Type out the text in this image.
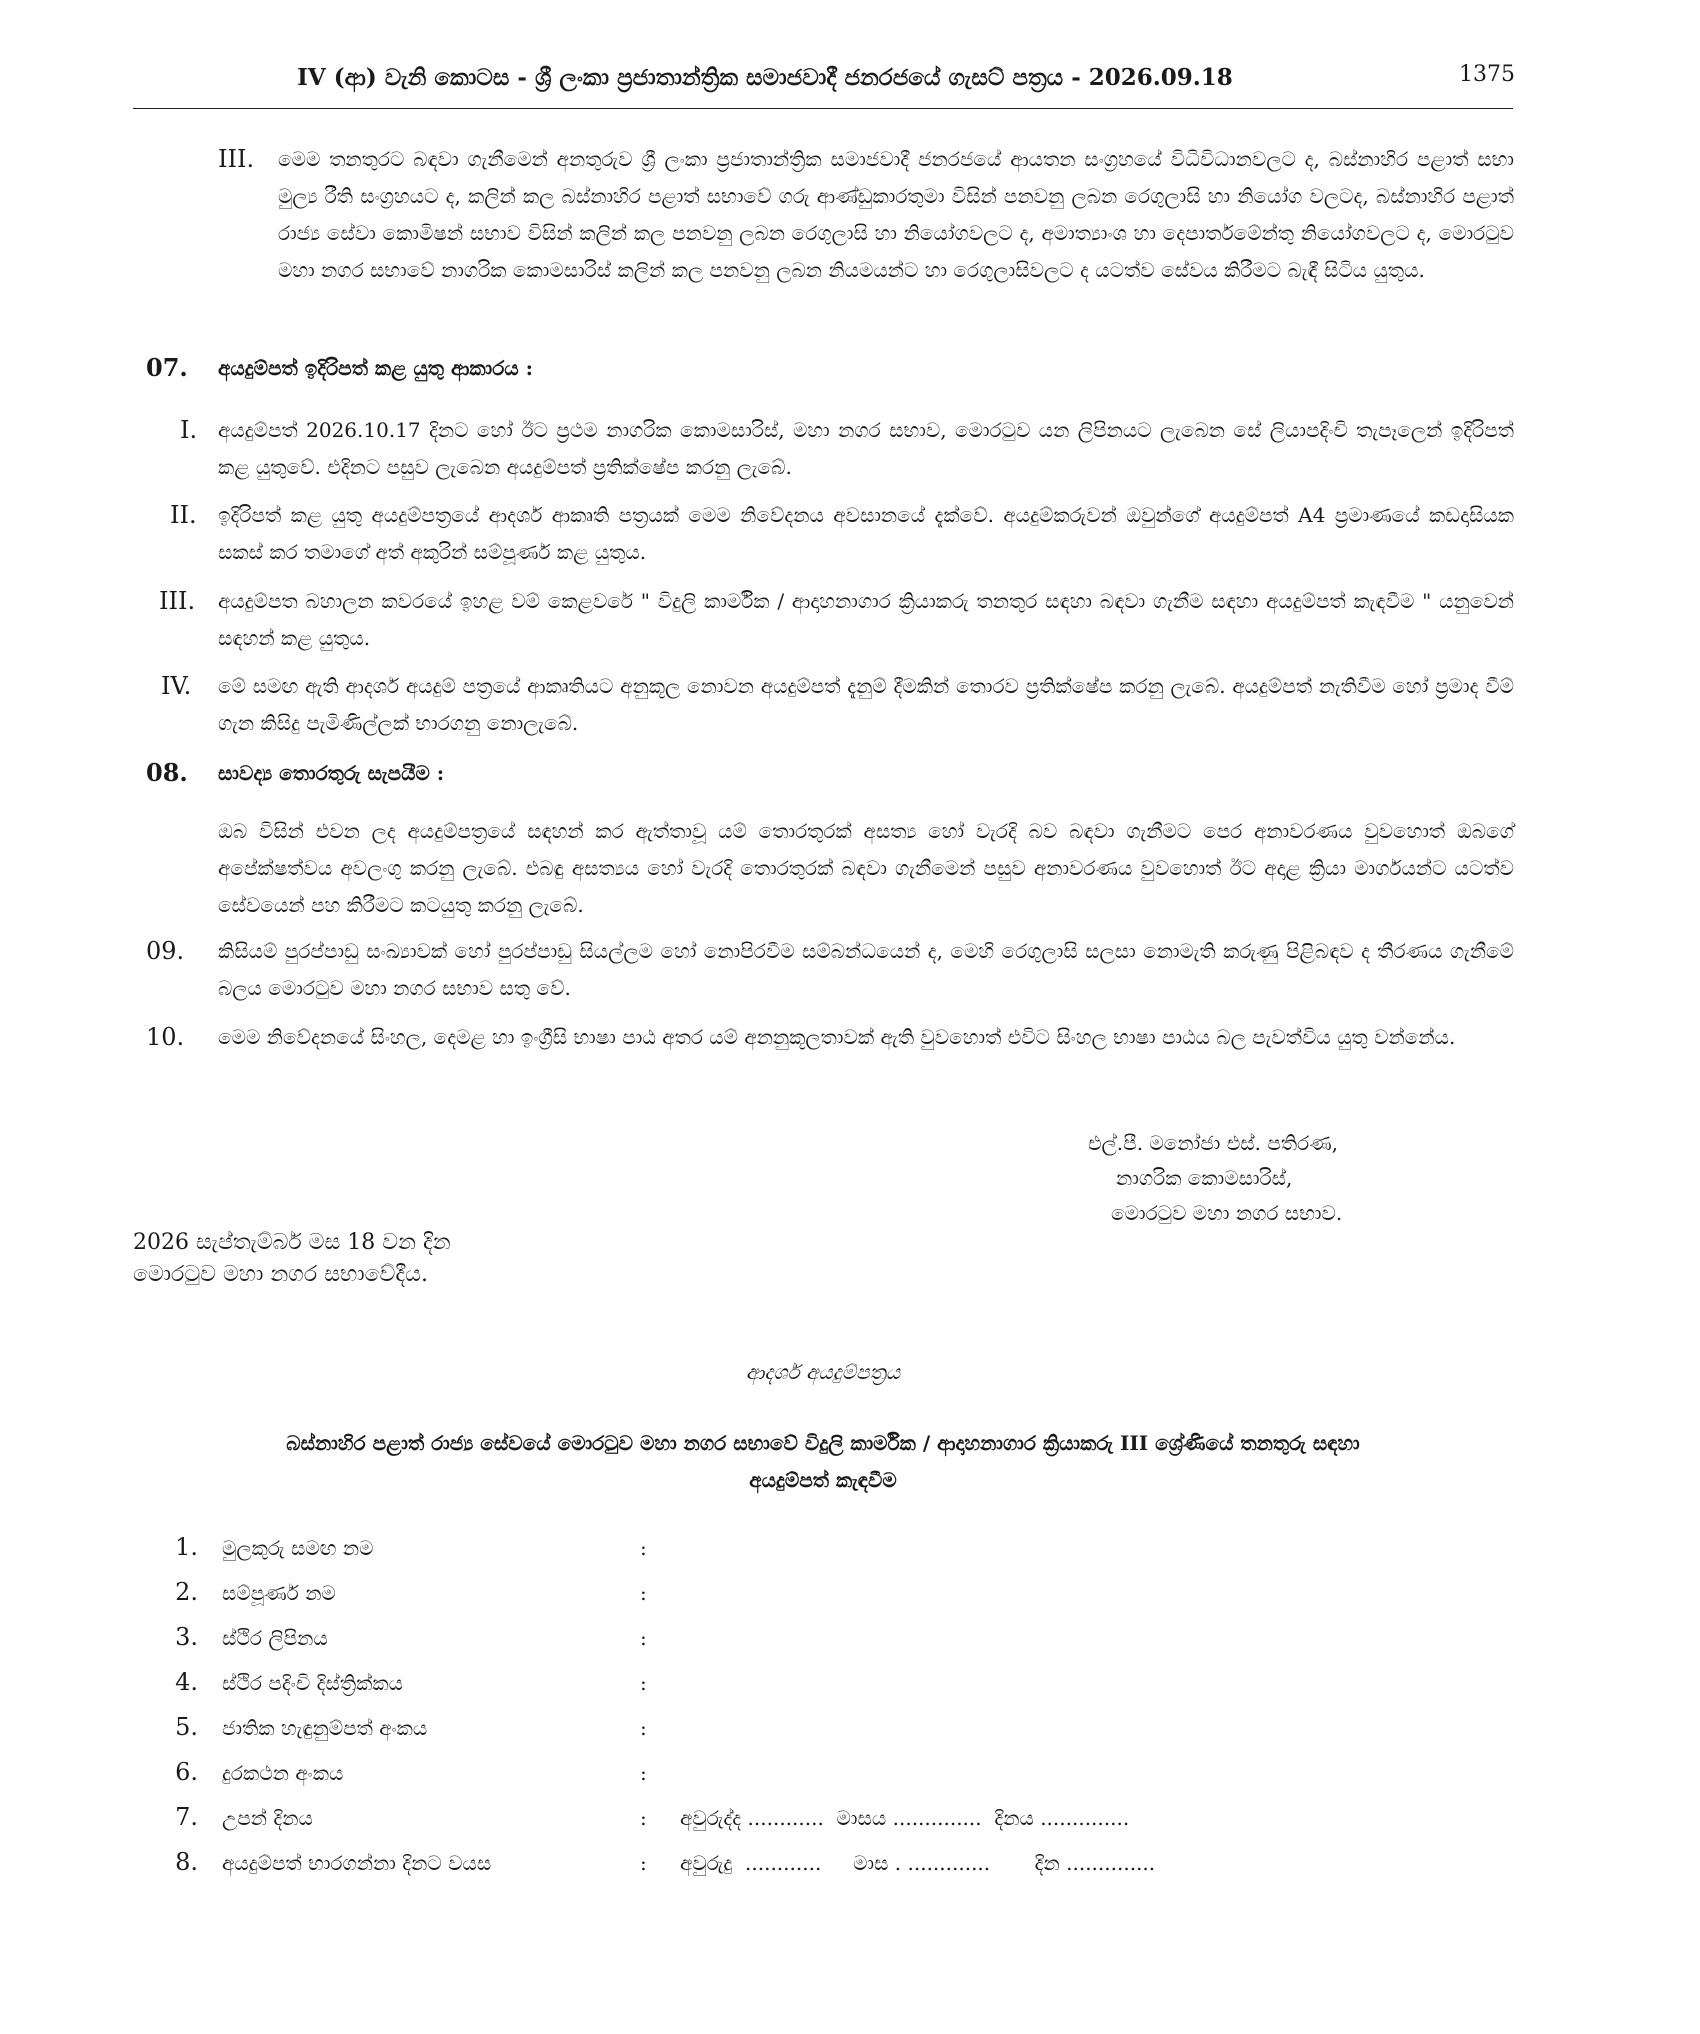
IV (ආ) වැනි කොටස - ශ්‍රී ලංකා ප්‍රජාතාන්ත්‍රික සමාජවාදී ජනරජයේ ගැසට් පත්‍රය - 2026.09.18	1375
III. මෙම තනතුරට බඳවා ගැනීමෙන් අනතුරුව ශ්‍රී ලංකා ප්‍රජාතාන්ත්‍රික සමාජවාදී ජනරජයේ ආයතන සංග්‍රහයේ විධිවිධානවලට ද, බස්නාහිර පළාත් සභා මුල්‍ය රීති සංග්‍රහයට ද, කලින් කල බස්නාහිර පළාත් සභාවේ ගරු ආණ්ඩුකාරතුමා විසින් පනවනු ලබන රෙගුලාසි හා නියෝග වලටද, බස්නාහිර පළාත් රාජ්‍ය සේවා කොමිෂන් සභාව විසින් කලින් කල පනවනු ලබන රෙගුලාසි හා නියෝගවලට ද, අමාත්‍යාංශ හා දෙපාර්තමේන්තු නියෝගවලට ද, මොරටුව මහා නගර සභාවේ නාගරික කොමසාරිස් කලින් කල පනවනු ලබන නියමයන්ට හා රෙගුලාසිවලට ද යටත්ව සේවය කිරීමට බැඳී සිටිය යුතුය.
07. අයදුම්පත් ඉදිරිපත් කළ යුතු ආකාරය :
I. අයදුම්පත් 2026.10.17 දිනට හෝ ඊට ප්‍රථම නාගරික කොමසාරිස්, මහා නගර සභාව, මොරටුව යන ලිපිනයට ලැබෙන සේ ලියාපදිංචි තැපෑලෙන් ඉදිරිපත් කළ යුතුවේ. එදිනට පසුව ලැබෙන අයදුම්පත් ප්‍රතික්ෂේප කරනු ලැබේ.
II. ඉදිරිපත් කළ යුතු අයදුම්පත්‍රයේ ආදර්ශ ආකෘති පත්‍රයක් මෙම නිවේදනය අවසානයේ දැක්වේ. අයදුම්කරුවන් ඔවුන්ගේ අයදුම්පත් A4 ප්‍රමාණයේ කඩදාසියක සකස් කර තමාගේ අත් අකුරින් සම්පූර්ණ කළ යුතුය.
III. අයදුම්පත බහාලන කවරයේ ඉහළ වම් කෙළවරේ " විදුලි කාර්මික / ආදාහනාගාර ක්‍රියාකරු තනතුර සඳහා බඳවා ගැනීම සඳහා අයදුම්පත් කැඳවීම " යනුවෙන් සඳහන් කළ යුතුය.
IV. මේ සමඟ ඇති ආදර්ශ අයදුම් පත්‍රයේ ආකෘතියට අනුකූල නොවන අයදුම්පත් දැනුම් දීමකින් තොරව ප්‍රතික්ෂේප කරනු ලැබේ. අයදුම්පත් නැතිවීම හෝ ප්‍රමාද වීම් ගැන කිසිදු පැමිණිල්ලක් භාරගනු නොලැබේ.
08. සාවද්‍ය තොරතුරු සැපයීම :
ඔබ විසින් එවන ලද අයදුම්පත්‍රයේ සඳහන් කර ඇත්තාවූ යම් තොරතුරක් අසත්‍ය හෝ වැරදි බව බඳවා ගැනීමට පෙර අනාවරණය වුවහොත් ඔබගේ අපේක්ෂත්වය අවලංගු කරනු ලැබේ. එබඳු අසත්‍යය හෝ වැරදි තොරතුරක් බඳවා ගැනීමෙන් පසුව අනාවරණය වුවහොත් ඊට අදාළ ක්‍රියා මාර්ගයන්ට යටත්ව සේවයෙන් පහ කිරීමට කටයුතු කරනු ලැබේ.
09. කිසියම් පුරප්පාඩු සංඛ්‍යාවක් හෝ පුරප්පාඩු සියල්ලම හෝ නොපිරවීම සම්බන්ධයෙන් ද, මෙහි රෙගුලාසි සලසා නොමැති කරුණු පිළිබඳව ද තීරණය ගැනීමේ බලය මොරටුව මහා නගර සභාව සතු වේ.
10. මෙම නිවේදනයේ සිංහල, දෙමළ හා ඉංග්‍රීසි භාෂා පාඨ අතර යම් අනනුකූලතාවක් ඇති වුවහොත් එවිට සිංහල භාෂා පාඨය බල පැවත්විය යුතු වන්නේය.
එල්.පී. මනෝජා එස්. පතිරණ,
නාගරික කොමසාරිස්,
මොරටුව මහා නගර සභාව.
2026 සැප්තැම්බර් මස 18 වන දින
මොරටුව මහා නගර සභාවේදීය.
ආදර්ශ අයදුම්පත්‍රය
බස්නාහිර පළාත් රාජ්‍ය සේවයේ මොරටුව මහා නගර සභාවේ විදුලි කාර්මික / ආදාහනාගාර ක්‍රියාකරු III ශ්‍රේණියේ තනතුරු සඳහා
අයදුම්පත් කැඳවීම
1. මුලකුරු සමඟ නම	:
2. සම්පූර්ණ නම	:
3. ස්ථිර ලිපිනය	:
4. ස්ථිර පදිංචි දිස්ත්‍රික්කය	:
5. ජාතික හැඳුනුම්පත් අංකය	:
6. දුරකථන අංකය	:
7. උපන් දිනය	: අවුරුද්ද ............  මාසය ..............  දිනය ..............
8. අයදුම්පත් භාරගන්නා දිනට වයස	: අවුරුදු  ............     මාස . .............       දින ..............
